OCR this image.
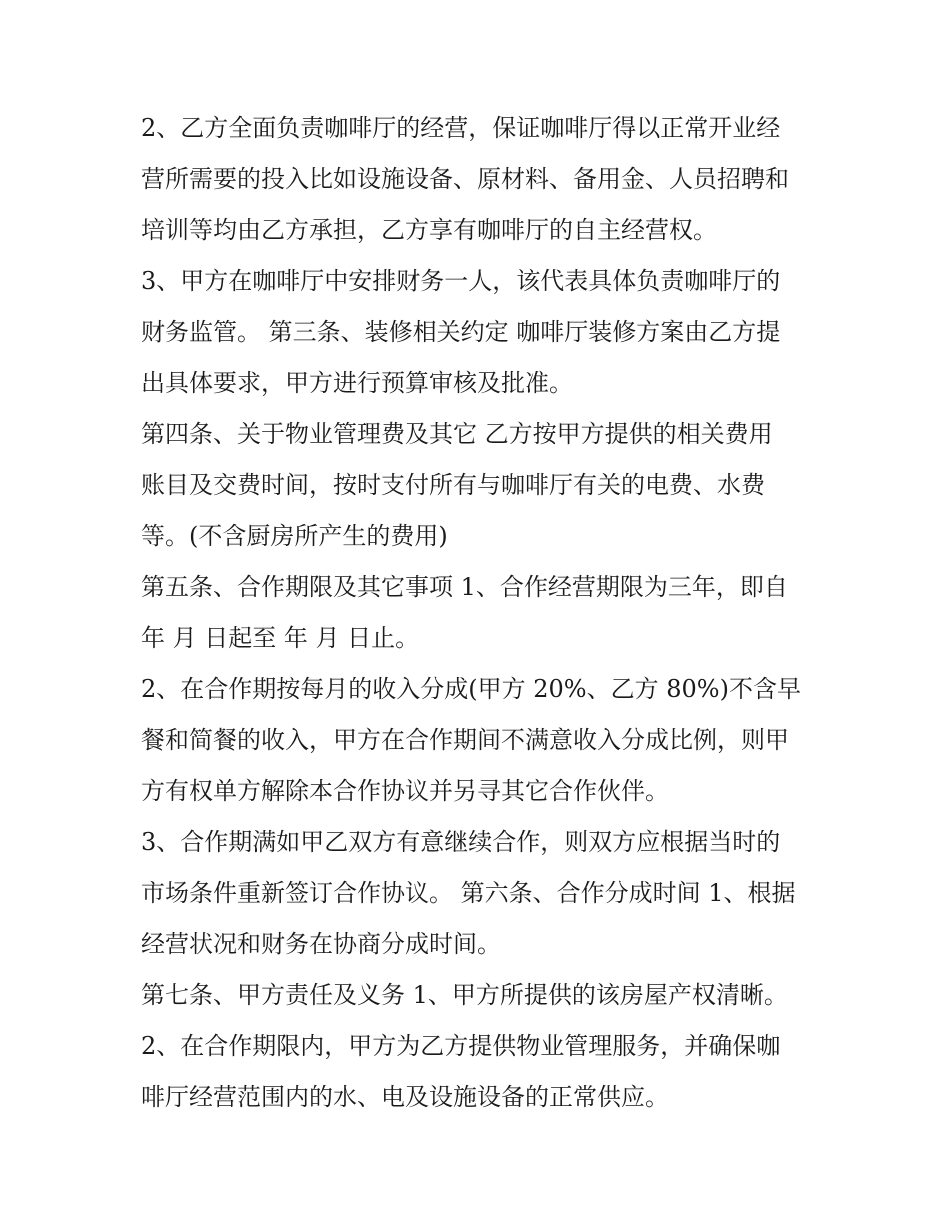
2、乙方全面负责咖啡厅的经营，保证咖啡厅得以正常开业经
营所需要的投入比如设施设备、原材料、备用金、人员招聘和
培训等均由乙方承担，乙方享有咖啡厅的自主经营权。
3、甲方在咖啡厅中安排财务一人，该代表具体负责咖啡厅的
财务监管。 第三条、装修相关约定 咖啡厅装修方案由乙方提
出具体要求，甲方进行预算审核及批准。
第四条、关于物业管理费及其它 乙方按甲方提供的相关费用
账目及交费时间，按时支付所有与咖啡厅有关的电费、水费
等。(不含厨房所产生的费用)
第五条、合作期限及其它事项 1、合作经营期限为三年，即自
年 月 日起至 年 月 日止。
2、在合作期按每月的收入分成(甲方 20%、乙方 80%)不含早
餐和简餐的收入，甲方在合作期间不满意收入分成比例，则甲
方有权单方解除本合作协议并另寻其它合作伙伴。
3、合作期满如甲乙双方有意继续合作，则双方应根据当时的
市场条件重新签订合作协议。 第六条、合作分成时间 1、根据
经营状况和财务在协商分成时间。
第七条、甲方责任及义务 1、甲方所提供的该房屋产权清晰。
2、在合作期限内，甲方为乙方提供物业管理服务，并确保咖
啡厅经营范围内的水、电及设施设备的正常供应。
